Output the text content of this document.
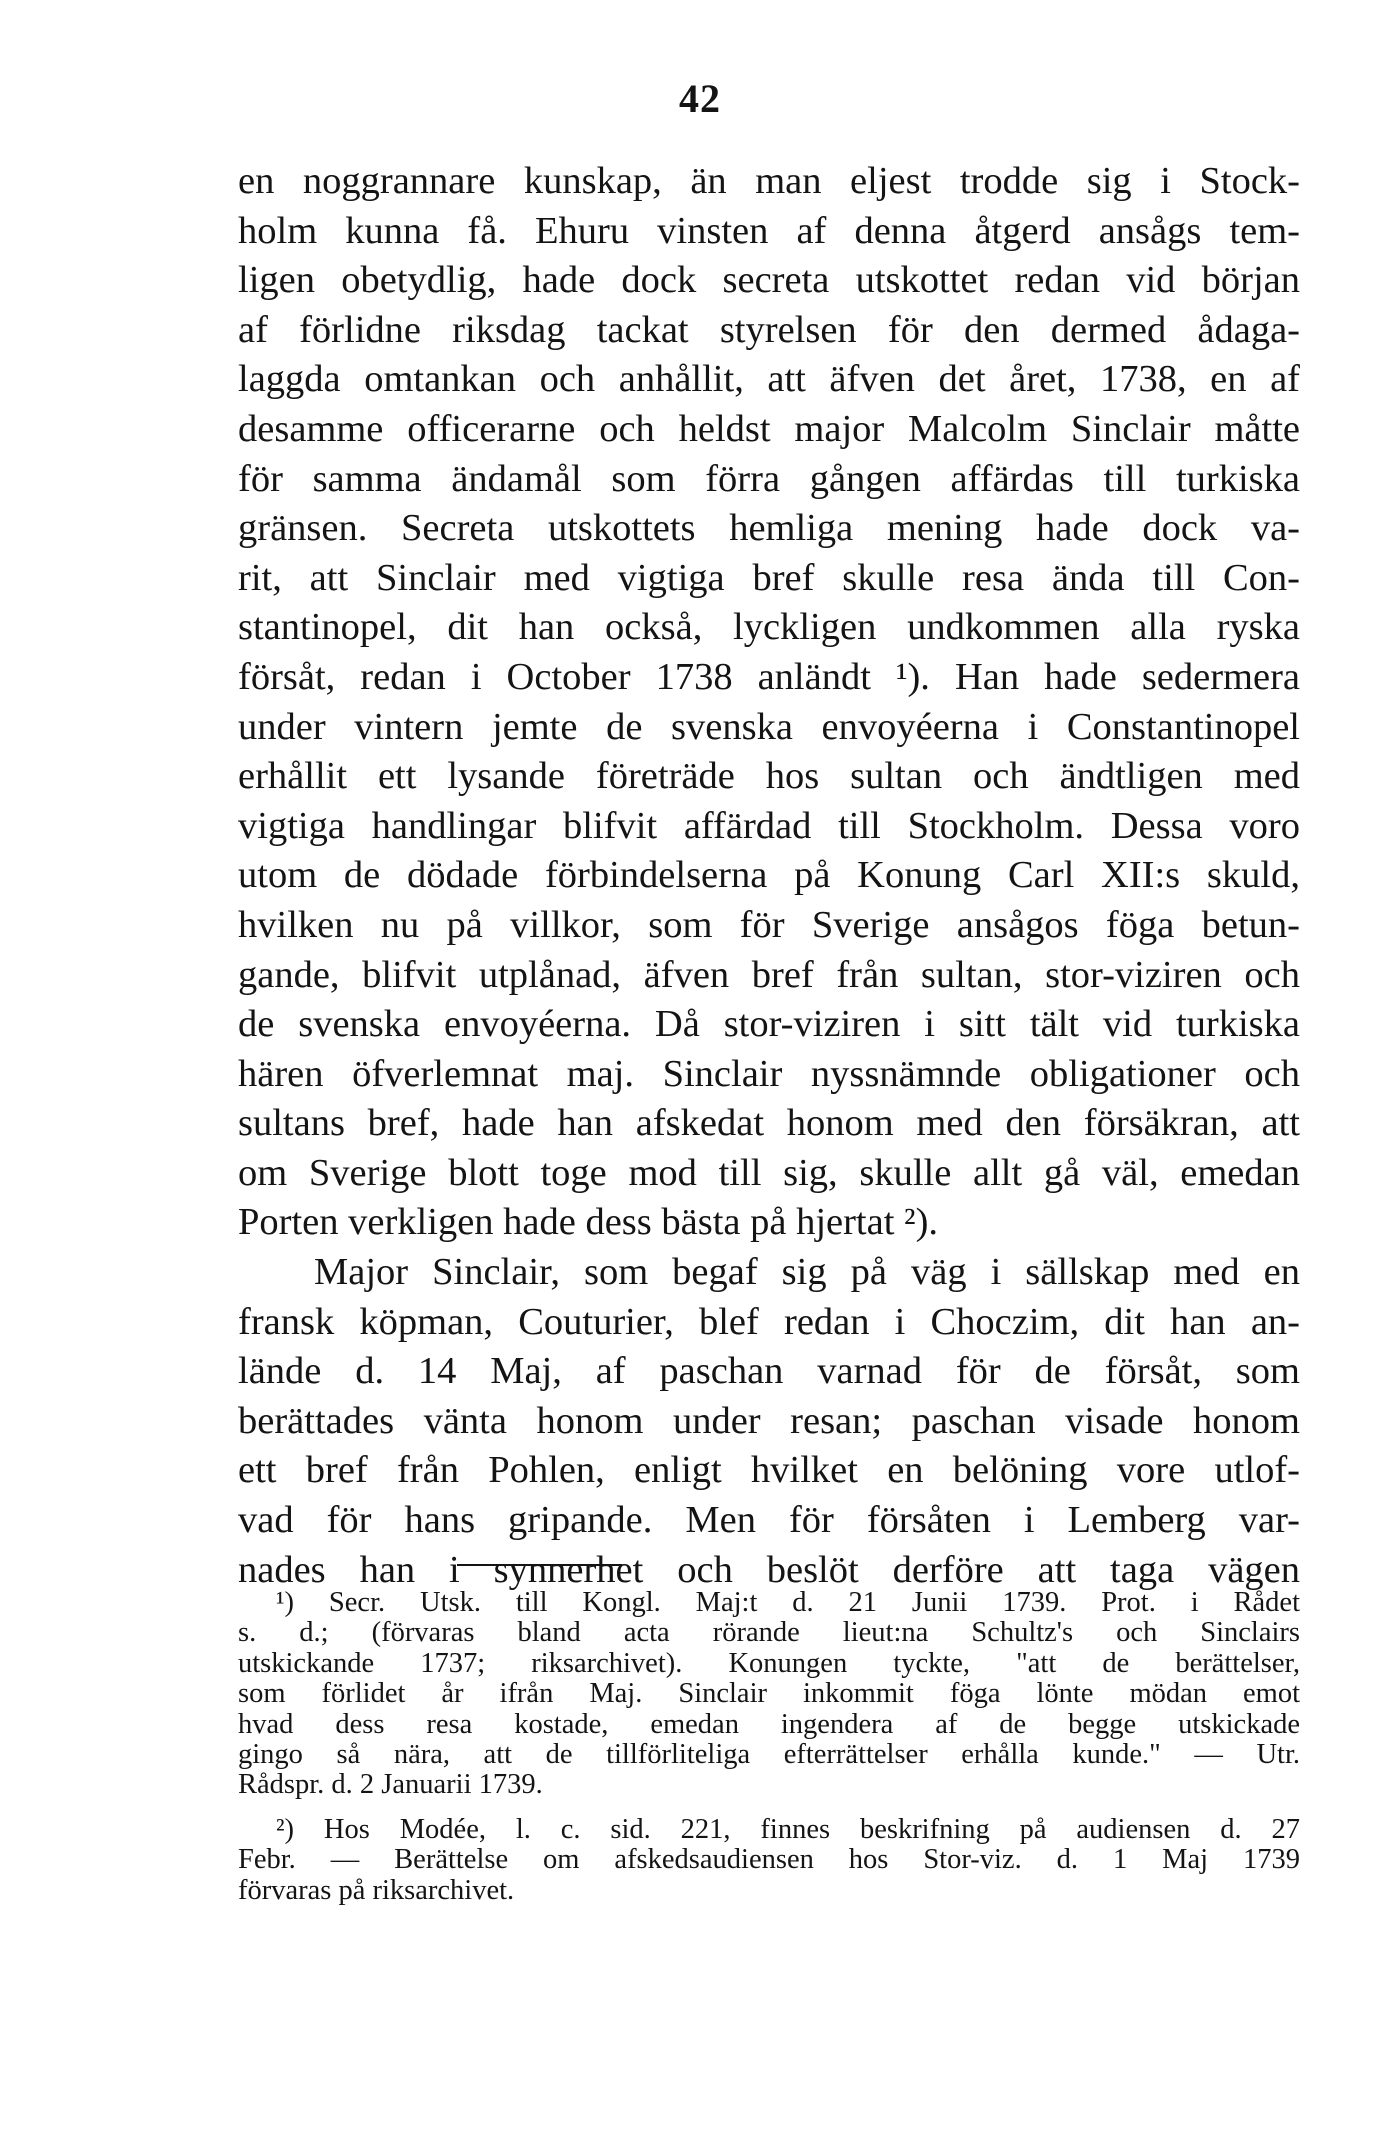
42
en noggrannare kunskap, än man eljest trodde sig i Stock-
holm kunna få. Ehuru vinsten af denna åtgerd ansågs tem-
ligen obetydlig, hade dock secreta utskottet redan vid början
af förlidne riksdag tackat styrelsen för den dermed ådaga-
laggda omtankan och anhållit, att äfven det året, 1738, en af
desamme officerarne och heldst major Malcolm Sinclair måtte
för samma ändamål som förra gången affärdas till turkiska
gränsen. Secreta utskottets hemliga mening hade dock va-
rit, att Sinclair med vigtiga bref skulle resa ända till Con-
stantinopel, dit han också, lyckligen undkommen alla ryska
försåt, redan i October 1738 anländt ¹). Han hade sedermera
under vintern jemte de svenska envoyéerna i Constantinopel
erhållit ett lysande företräde hos sultan och ändtligen med
vigtiga handlingar blifvit affärdad till Stockholm. Dessa voro
utom de dödade förbindelserna på Konung Carl XII:s skuld,
hvilken nu på villkor, som för Sverige ansågos föga betun-
gande, blifvit utplånad, äfven bref från sultan, stor-viziren och
de svenska envoyéerna. Då stor-viziren i sitt tält vid turkiska
hären öfverlemnat maj. Sinclair nyssnämnde obligationer och
sultans bref, hade han afskedat honom med den försäkran, att
om Sverige blott toge mod till sig, skulle allt gå väl, emedan
Porten verkligen hade dess bästa på hjertat ²).
Major Sinclair, som begaf sig på väg i sällskap med en
fransk köpman, Couturier, blef redan i Choczim, dit han an-
lände d. 14 Maj, af paschan varnad för de försåt, som
berättades vänta honom under resan; paschan visade honom
ett bref från Pohlen, enligt hvilket en belöning vore utlof-
vad för hans gripande. Men för försåten i Lemberg var-
nades han i synnerhet och beslöt derföre att taga vägen
¹) Secr. Utsk. till Kongl. Maj:t d. 21 Junii 1739. Prot. i Rådet
s. d.; (förvaras bland acta rörande lieut:na Schultz's och Sinclairs
utskickande 1737; riksarchivet). Konungen tyckte, "att de berättelser,
som förlidet år ifrån Maj. Sinclair inkommit föga lönte mödan emot
hvad dess resa kostade, emedan ingendera af de begge utskickade
gingo så nära, att de tillförliteliga efterrättelser erhålla kunde." — Utr.
Rådspr. d. 2 Januarii 1739.
²) Hos Modée, l. c. sid. 221, finnes beskrifning på audiensen d. 27
Febr. — Berättelse om afskedsaudiensen hos Stor-viz. d. 1 Maj 1739
förvaras på riksarchivet.
